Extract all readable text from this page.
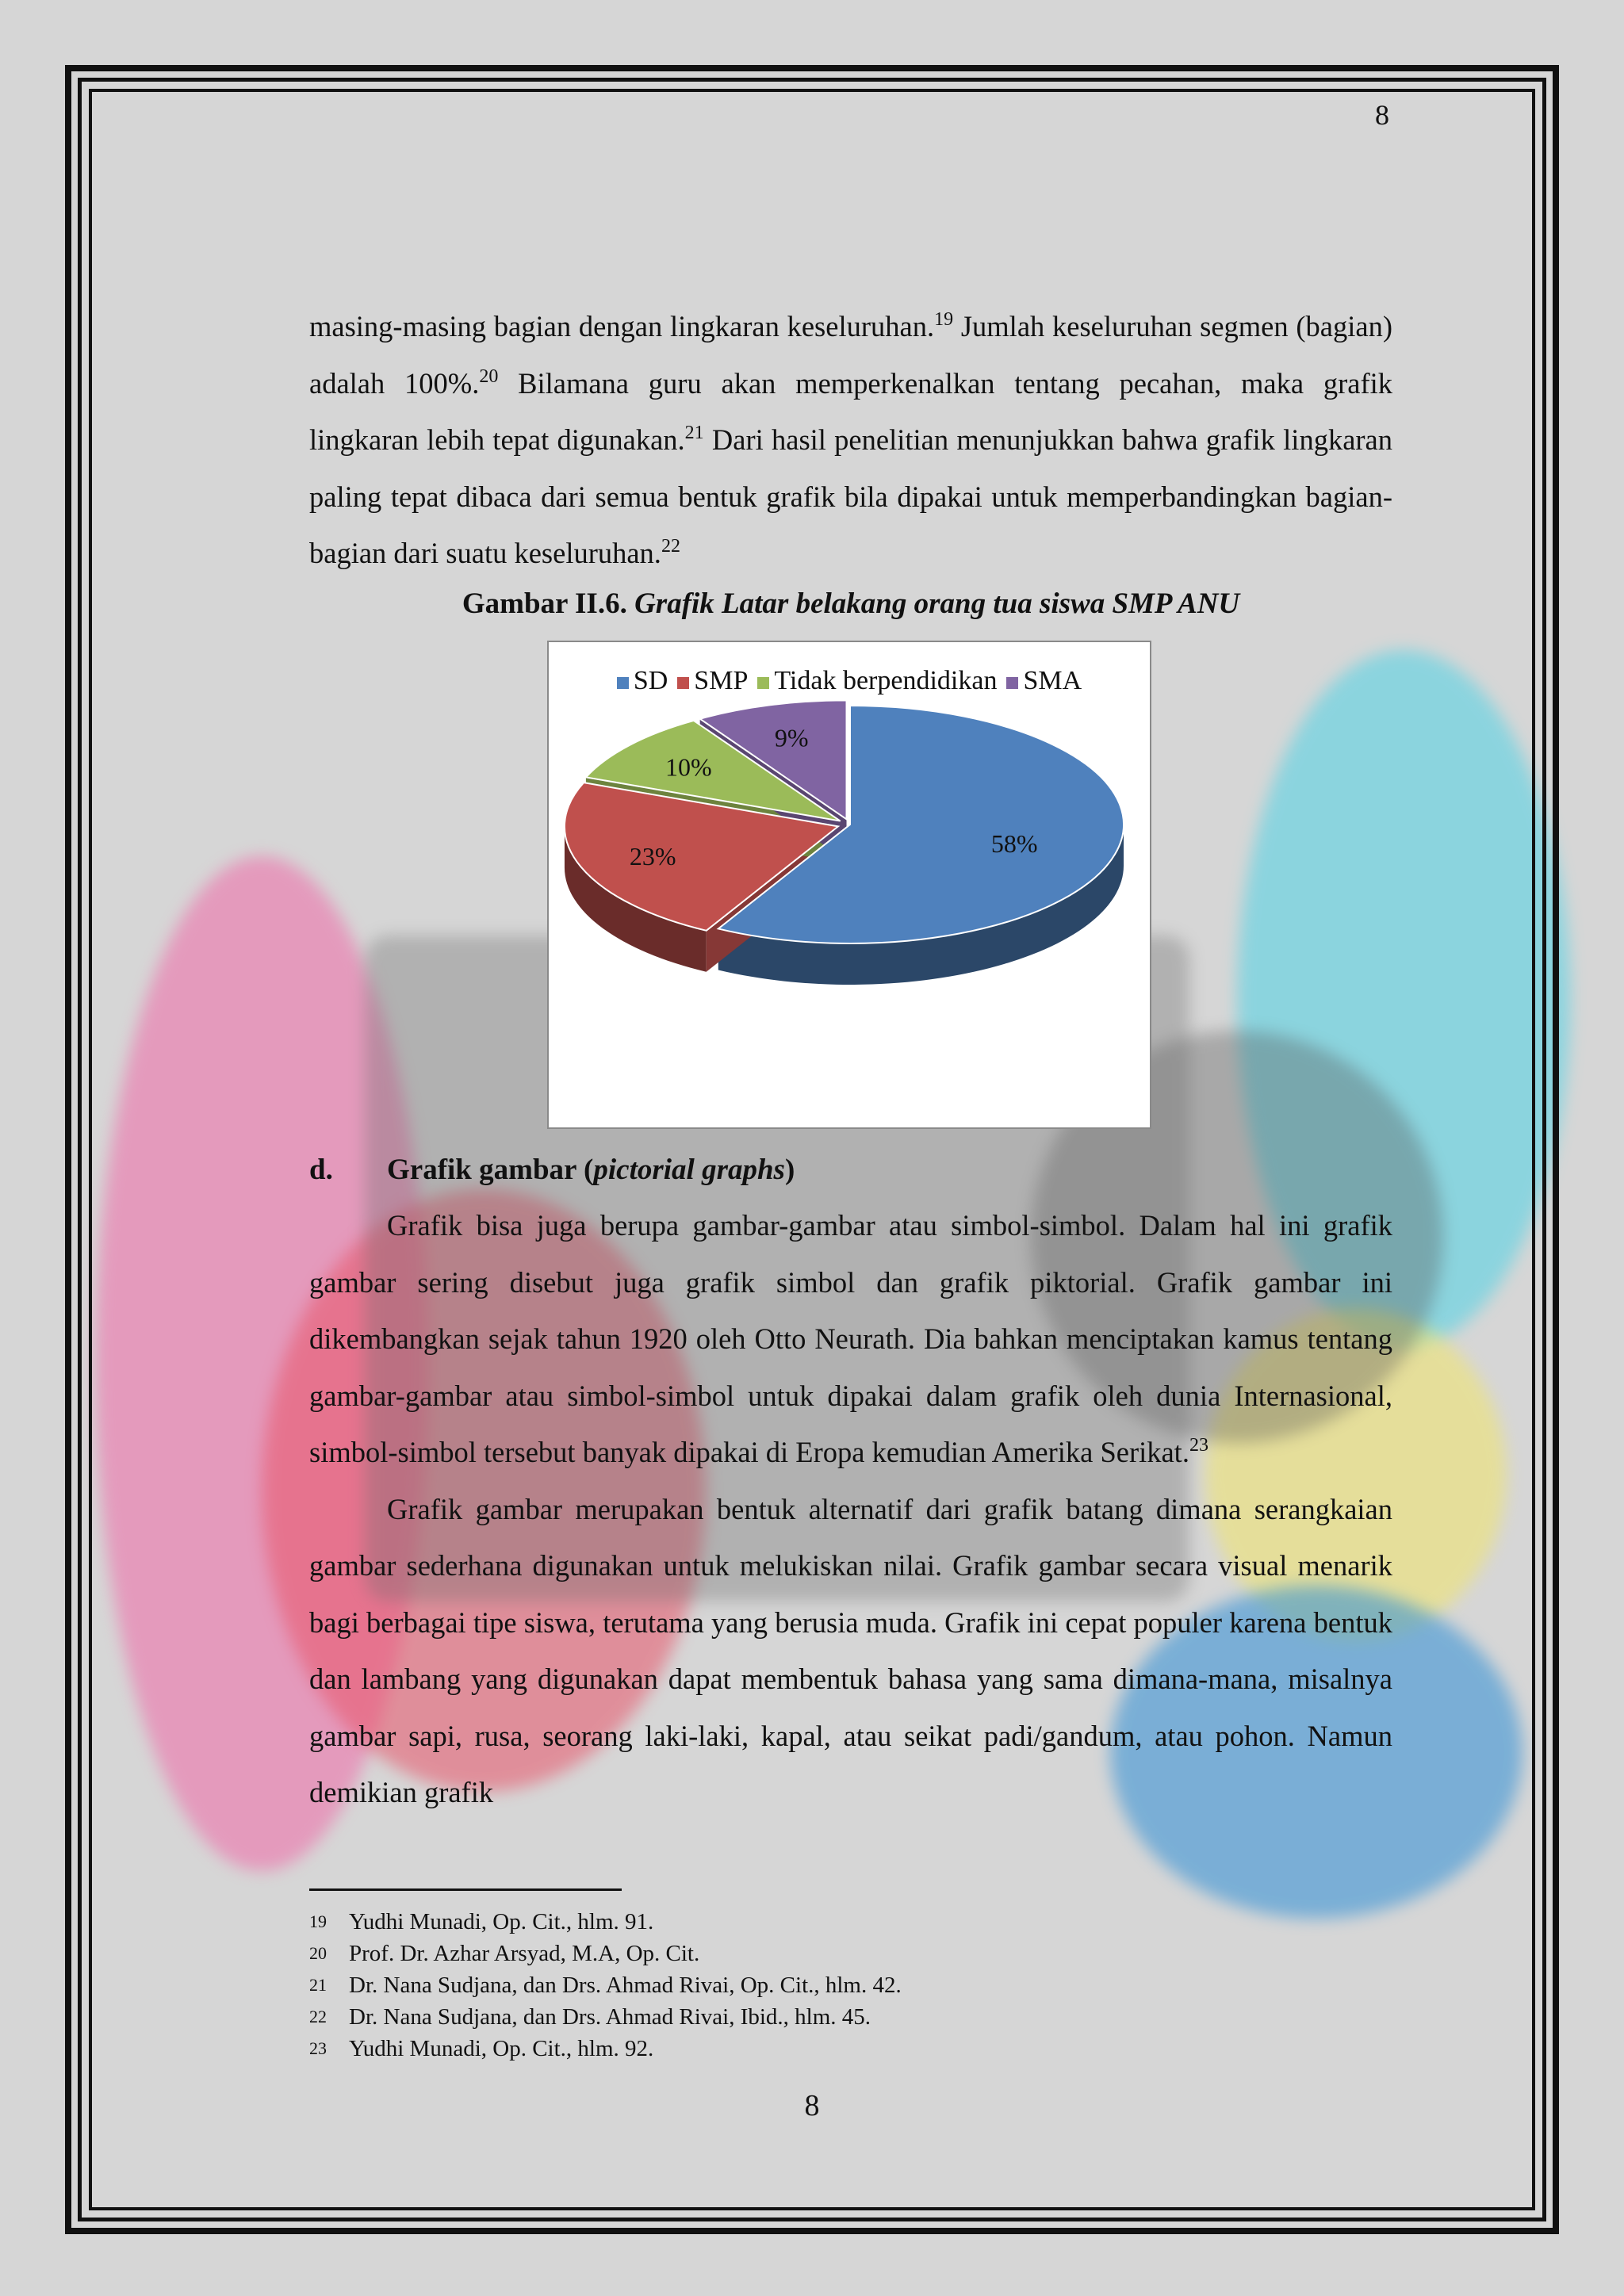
8

masing-masing bagian dengan lingkaran keseluruhan.$^{19}$ Jumlah keseluruhan segmen (bagian) adalah 100%.$^{20}$ Bilamana guru akan memperkenalkan tentang pecahan, maka grafik lingkaran lebih tepat digunakan.$^{21}$ Dari hasil penelitian menunjukkan bahwa grafik lingkaran paling tepat dibaca dari semua bentuk grafik bila dipakai untuk memperbandingkan bagian-bagian dari suatu keseluruhan.$^{22}$

Gambar II.6. Grafik Latar belakang orang tua siswa SMP ANU
SD SMP Tidak berpendidikan SMA
58%
23%
10%
9%
d. Grafik gambar (pictorial graphs)

Grafik bisa juga berupa gambar-gambar atau simbol-simbol. Dalam hal ini grafik gambar sering disebut juga grafik simbol dan grafik piktorial. Grafik gambar ini dikembangkan sejak tahun 1920 oleh Otto Neurath. Dia bahkan menciptakan kamus tentang gambar-gambar atau simbol-simbol untuk dipakai dalam grafik oleh dunia Internasional, simbol-simbol tersebut banyak dipakai di Eropa kemudian Amerika Serikat.$^{23}$

Grafik gambar merupakan bentuk alternatif dari grafik batang dimana serangkaian gambar sederhana digunakan untuk melukiskan nilai. Grafik gambar secara visual menarik bagi berbagai tipe siswa, terutama yang berusia muda. Grafik ini cepat populer karena bentuk dan lambang yang digunakan dapat membentuk bahasa yang sama dimana-mana, misalnya gambar sapi, rusa, seorang laki-laki, kapal, atau seikat padi/gandum, atau pohon. Namun demikian grafik

19 Yudhi Munadi, Op. Cit., hlm. 91.
20 Prof. Dr. Azhar Arsyad, M.A, Op. Cit.
21 Dr. Nana Sudjana, dan Drs. Ahmad Rivai, Op. Cit., hlm. 42.
22 Dr. Nana Sudjana, dan Drs. Ahmad Rivai, Ibid., hlm. 45.
23 Yudhi Munadi, Op. Cit., hlm. 92.
8
